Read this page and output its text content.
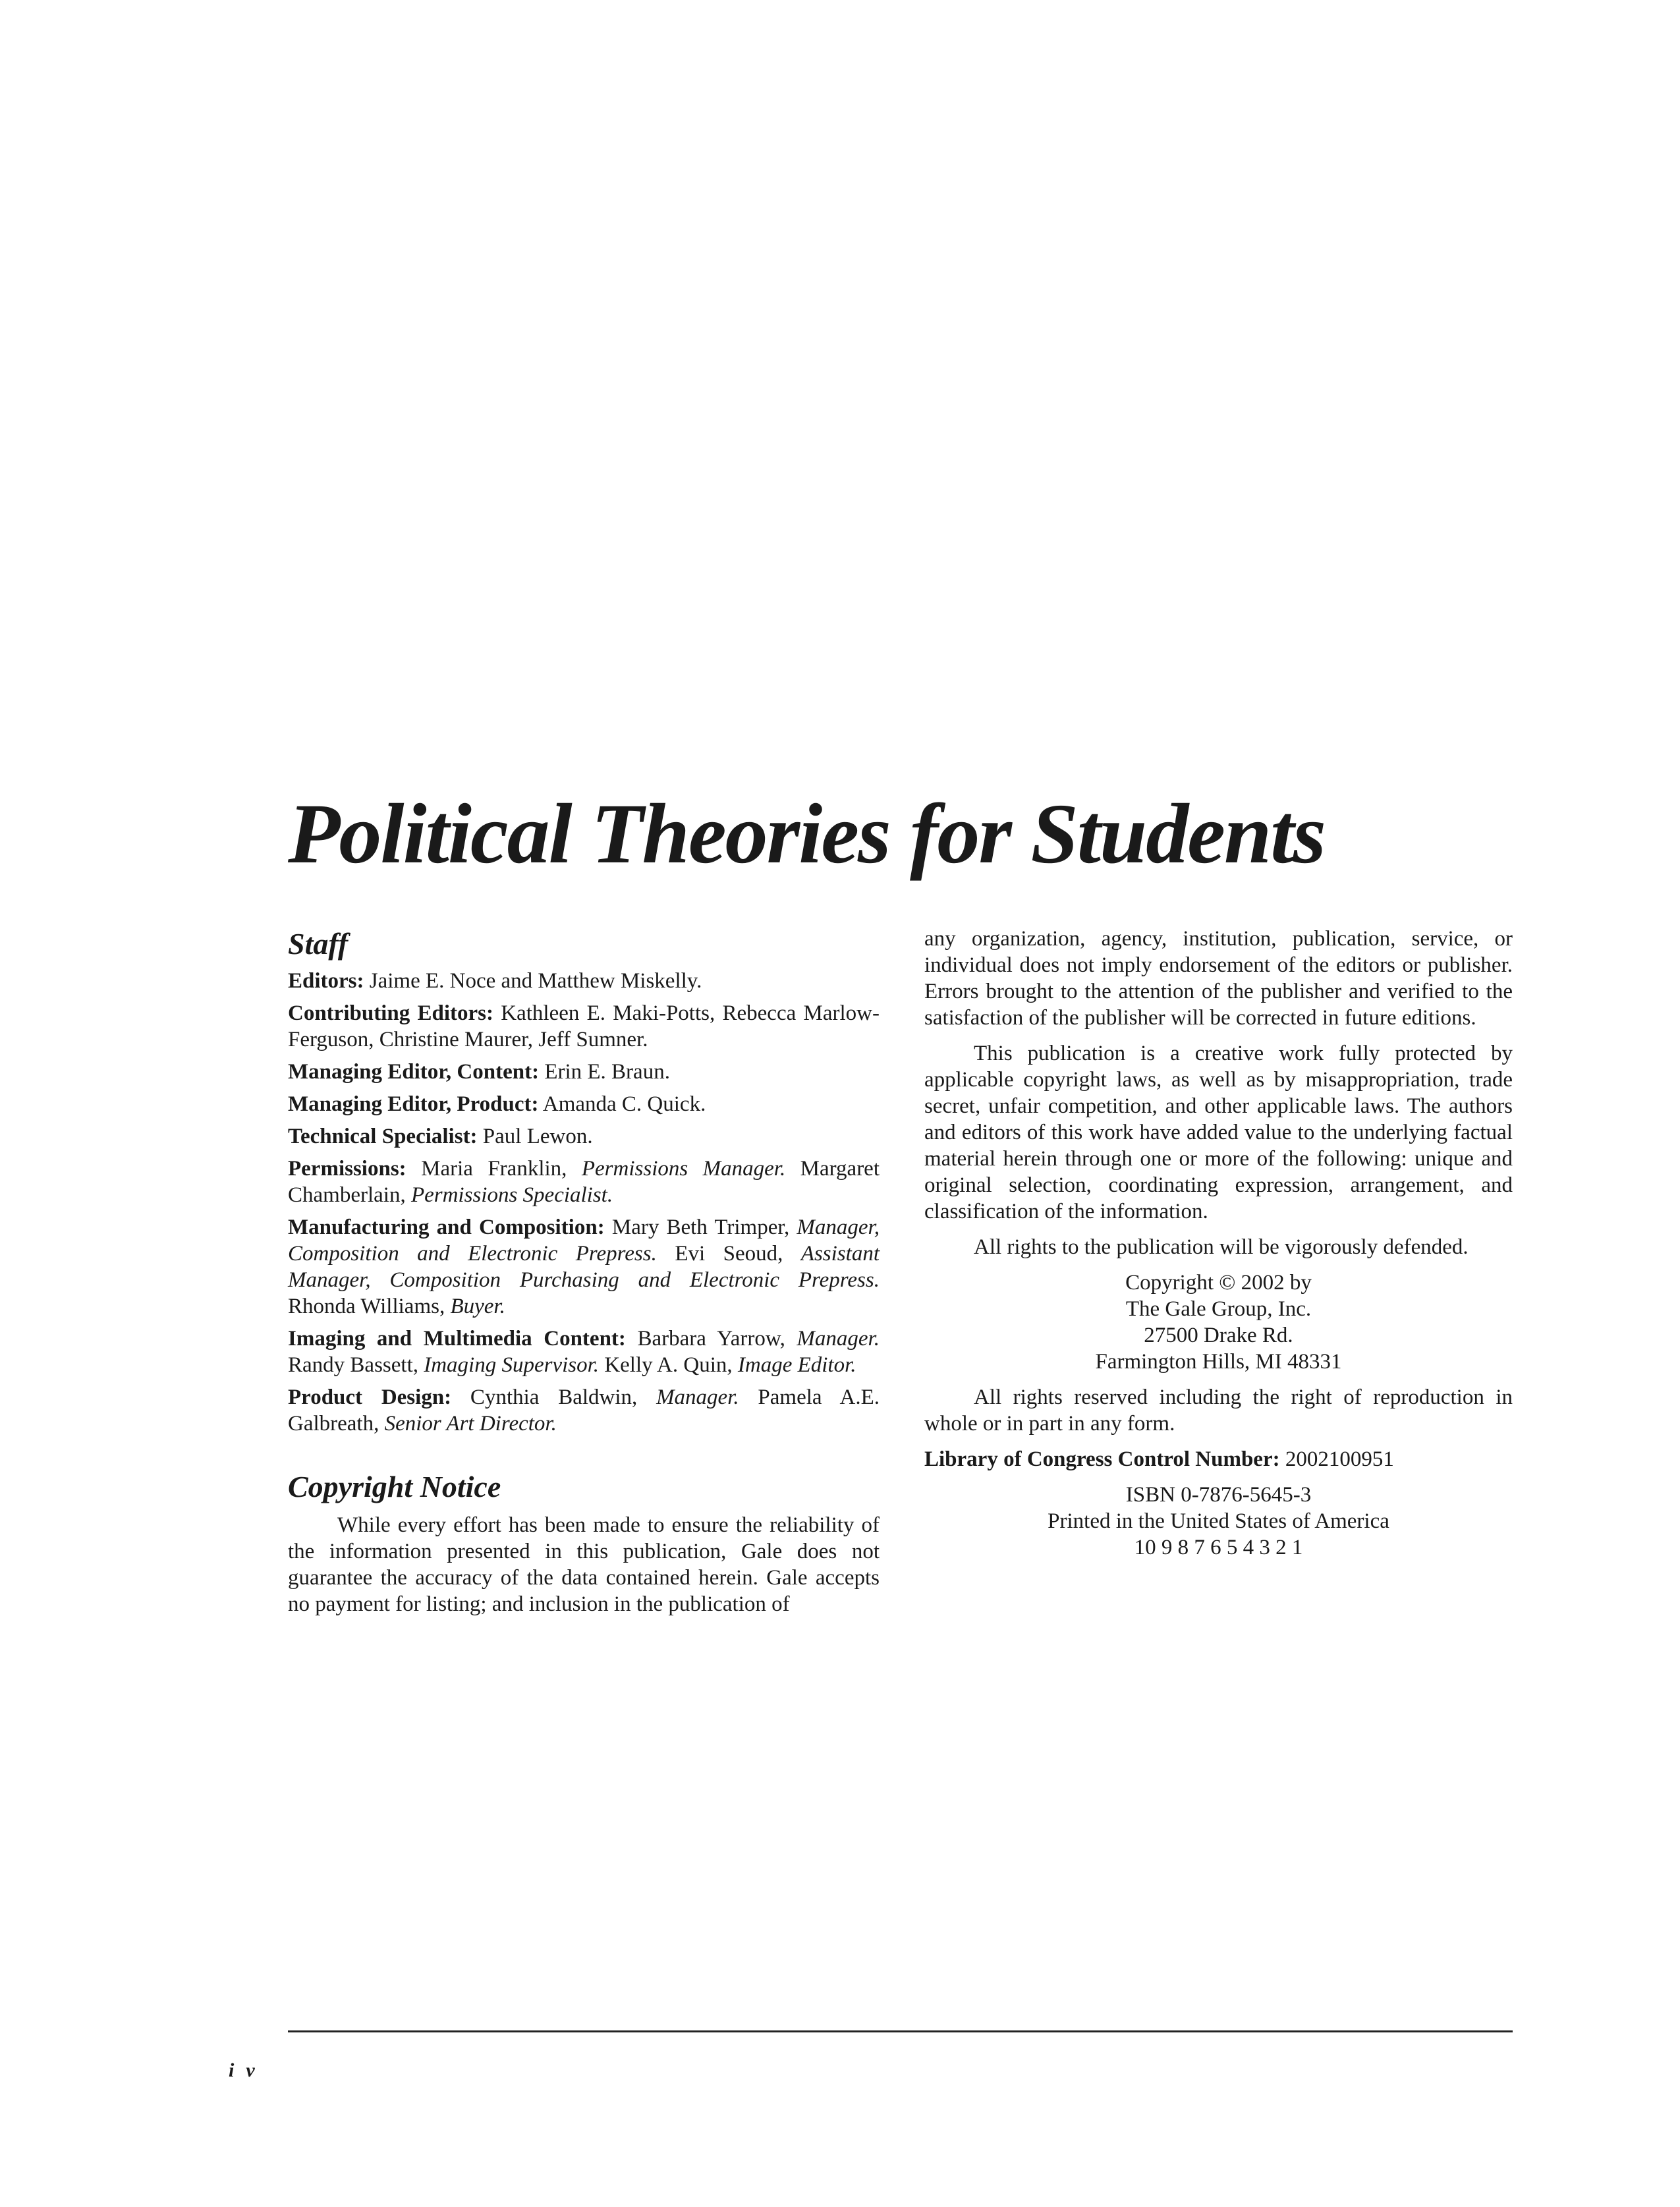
Political Theories for Students
Staff

Editors: Jaime E. Noce and Matthew Miskelly.

Contributing Editors: Kathleen E. Maki-Potts, Rebecca Marlow-Ferguson, Christine Maurer, Jeff Sumner.

Managing Editor, Content: Erin E. Braun.

Managing Editor, Product: Amanda C. Quick.

Technical Specialist: Paul Lewon.

Permissions: Maria Franklin, Permissions Manager. Margaret Chamberlain, Permissions Specialist.

Manufacturing and Composition: Mary Beth Trimper, Manager, Composition and Electronic Prepress. Evi Seoud, Assistant Manager, Composition Purchasing and Electronic Prepress. Rhonda Williams, Buyer.

Imaging and Multimedia Content: Barbara Yarrow, Manager. Randy Bassett, Imaging Supervisor. Kelly A. Quin, Image Editor.

Product Design: Cynthia Baldwin, Manager. Pamela A.E. Galbreath, Senior Art Director.

Copyright Notice

While every effort has been made to ensure the reliability of the information presented in this publication, Gale does not guarantee the accuracy of the data contained herein. Gale accepts no payment for listing; and inclusion in the publication of

any organization, agency, institution, publication, service, or individual does not imply endorsement of the editors or publisher. Errors brought to the attention of the publisher and verified to the satisfaction of the publisher will be corrected in future editions.

This publication is a creative work fully protected by applicable copyright laws, as well as by misappropriation, trade secret, unfair competition, and other applicable laws. The authors and editors of this work have added value to the underlying factual material herein through one or more of the following: unique and original selection, coordinating expression, arrangement, and classification of the information.

All rights to the publication will be vigorously defended.

Copyright © 2002 by

The Gale Group, Inc.

27500 Drake Rd.

Farmington Hills, MI 48331

All rights reserved including the right of reproduction in whole or in part in any form.

Library of Congress Control Number: 2002100951

ISBN 0-7876-5645-3

Printed in the United States of America

10 9 8 7 6 5 4 3 2 1

iv
